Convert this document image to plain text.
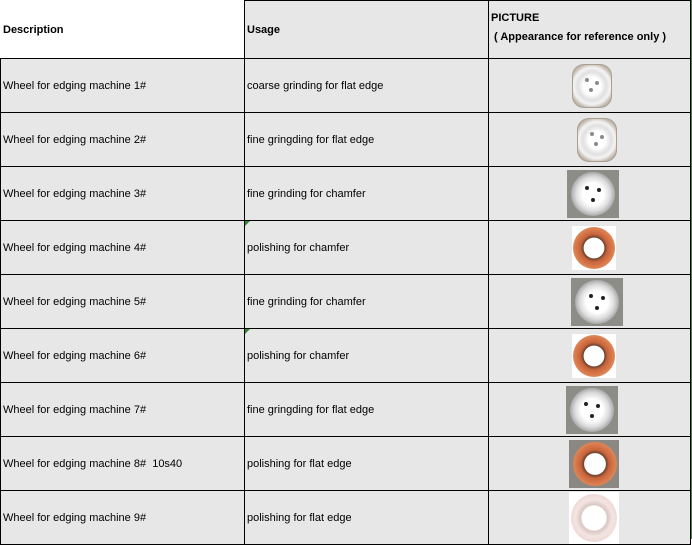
Description	Usage	PICTURE
( Appearance for reference only )

Wheel for edging machine 1#	coarse grinding for flat edge	
Wheel for edging machine 2#	fine gringding for flat edge	
Wheel for edging machine 3#	fine grinding for chamfer	
Wheel for edging machine 4#	polishing for chamfer	
Wheel for edging machine 5#	fine grinding for chamfer	
Wheel for edging machine 6#	polishing for chamfer	
Wheel for edging machine 7#	fine gringding for flat edge	
Wheel for edging machine 8#  10s40	polishing for flat edge	
Wheel for edging machine 9#	polishing for flat edge	
